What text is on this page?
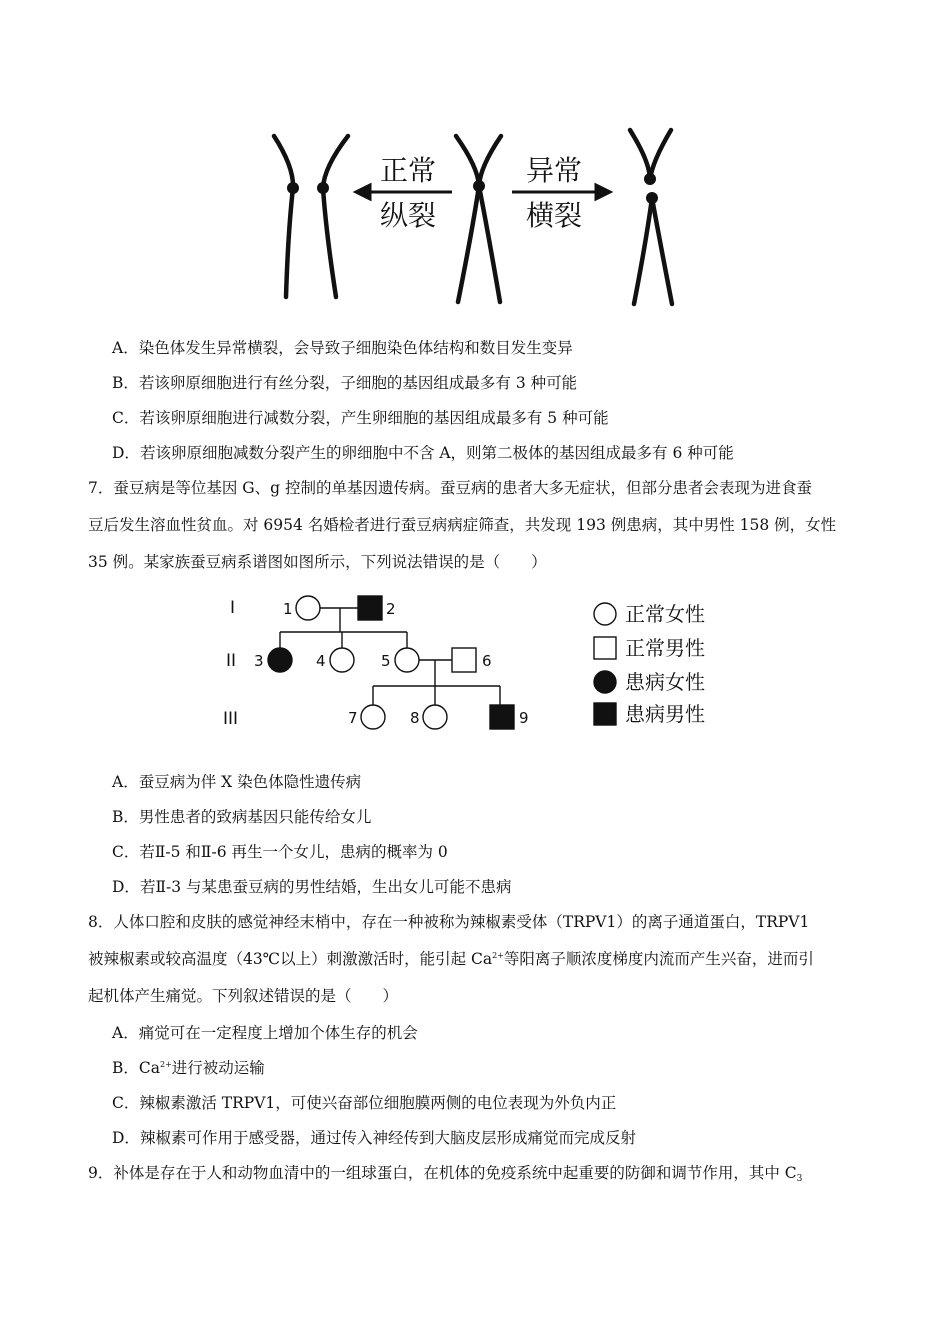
正常
纵裂
异常
横裂
A．染色体发生异常横裂，会导致子细胞染色体结构和数目发生变异
B．若该卵原细胞进行有丝分裂，子细胞的基因组成最多有 3 种可能
C．若该卵原细胞进行减数分裂，产生卵细胞的基因组成最多有 5 种可能
D．若该卵原细胞减数分裂产生的卵细胞中不含 A，则第二极体的基因组成最多有 6 种可能
7．蚕豆病是等位基因 G、g 控制的单基因遗传病。蚕豆病的患者大多无症状，但部分患者会表现为进食蚕
豆后发生溶血性贫血。对 6954 名婚检者进行蚕豆病病症筛查，共发现 193 例患病，其中男性 158 例，女性
35 例。某家族蚕豆病系谱图如图所示，下列说法错误的是（　　）
I
II
III
1	2
3	4	5	6
7	8	9
正常女性
正常男性
患病女性
患病男性
A．蚕豆病为伴 X 染色体隐性遗传病
B．男性患者的致病基因只能传给女儿
C．若Ⅱ-5 和Ⅱ-6 再生一个女儿，患病的概率为 0
D．若Ⅱ-3 与某患蚕豆病的男性结婚，生出女儿可能不患病
8．人体口腔和皮肤的感觉神经末梢中，存在一种被称为辣椒素受体（TRPV1）的离子通道蛋白，TRPV1
被辣椒素或较高温度（43℃以上）刺激激活时，能引起 $Ca^{2+}$等阳离子顺浓度梯度内流而产生兴奋，进而引
起机体产生痛觉。下列叙述错误的是（　　）
A．痛觉可在一定程度上增加个体生存的机会
B．$Ca^{2+}$进行被动运输
C．辣椒素激活 TRPV1，可使兴奋部位细胞膜两侧的电位表现为外负内正
D．辣椒素可作用于感受器，通过传入神经传到大脑皮层形成痛觉而完成反射
9．补体是存在于人和动物血清中的一组球蛋白，在机体的免疫系统中起重要的防御和调节作用，其中 $C_3$
